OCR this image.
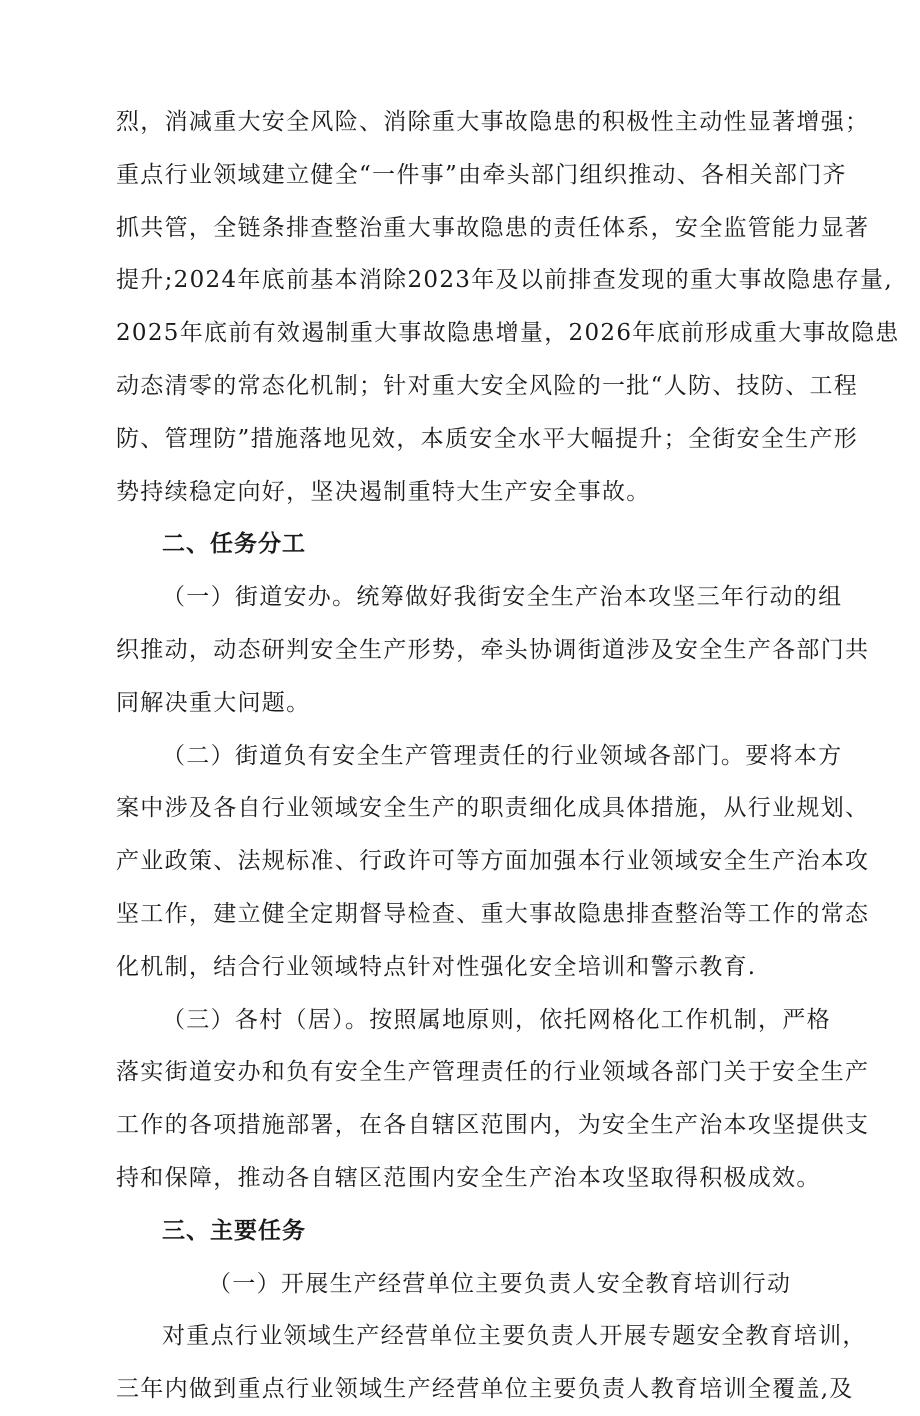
烈，消减重大安全风险、消除重大事故隐患的积极性主动性显著增强；
重点行业领域建立健全“一件事”由牵头部门组织推动、各相关部门齐
抓共管，全链条排查整治重大事故隐患的责任体系，安全监管能力显著
提升;2024年底前基本消除2023年及以前排查发现的重大事故隐患存量,
2025年底前有效遏制重大事故隐患增量，2026年底前形成重大事故隐患
动态清零的常态化机制；针对重大安全风险的一批“人防、技防、工程
防、管理防”措施落地见效，本质安全水平大幅提升；全街安全生产形
势持续稳定向好，坚决遏制重特大生产安全事故。
二、任务分工
（一）街道安办。统筹做好我街安全生产治本攻坚三年行动的组
织推动，动态研判安全生产形势，牵头协调街道涉及安全生产各部门共
同解决重大问题。
（二）街道负有安全生产管理责任的行业领域各部门。要将本方
案中涉及各自行业领域安全生产的职责细化成具体措施，从行业规划、
产业政策、法规标准、行政许可等方面加强本行业领域安全生产治本攻
坚工作，建立健全定期督导检查、重大事故隐患排查整治等工作的常态
化机制，结合行业领域特点针对性强化安全培训和警示教育.
（三）各村（居）。按照属地原则，依托网格化工作机制，严格
落实街道安办和负有安全生产管理责任的行业领域各部门关于安全生产
工作的各项措施部署，在各自辖区范围内，为安全生产治本攻坚提供支
持和保障，推动各自辖区范围内安全生产治本攻坚取得积极成效。
三、主要任务
（一）开展生产经营单位主要负责人安全教育培训行动
对重点行业领域生产经营单位主要负责人开展专题安全教育培训，
三年内做到重点行业领域生产经营单位主要负责人教育培训全覆盖,及
